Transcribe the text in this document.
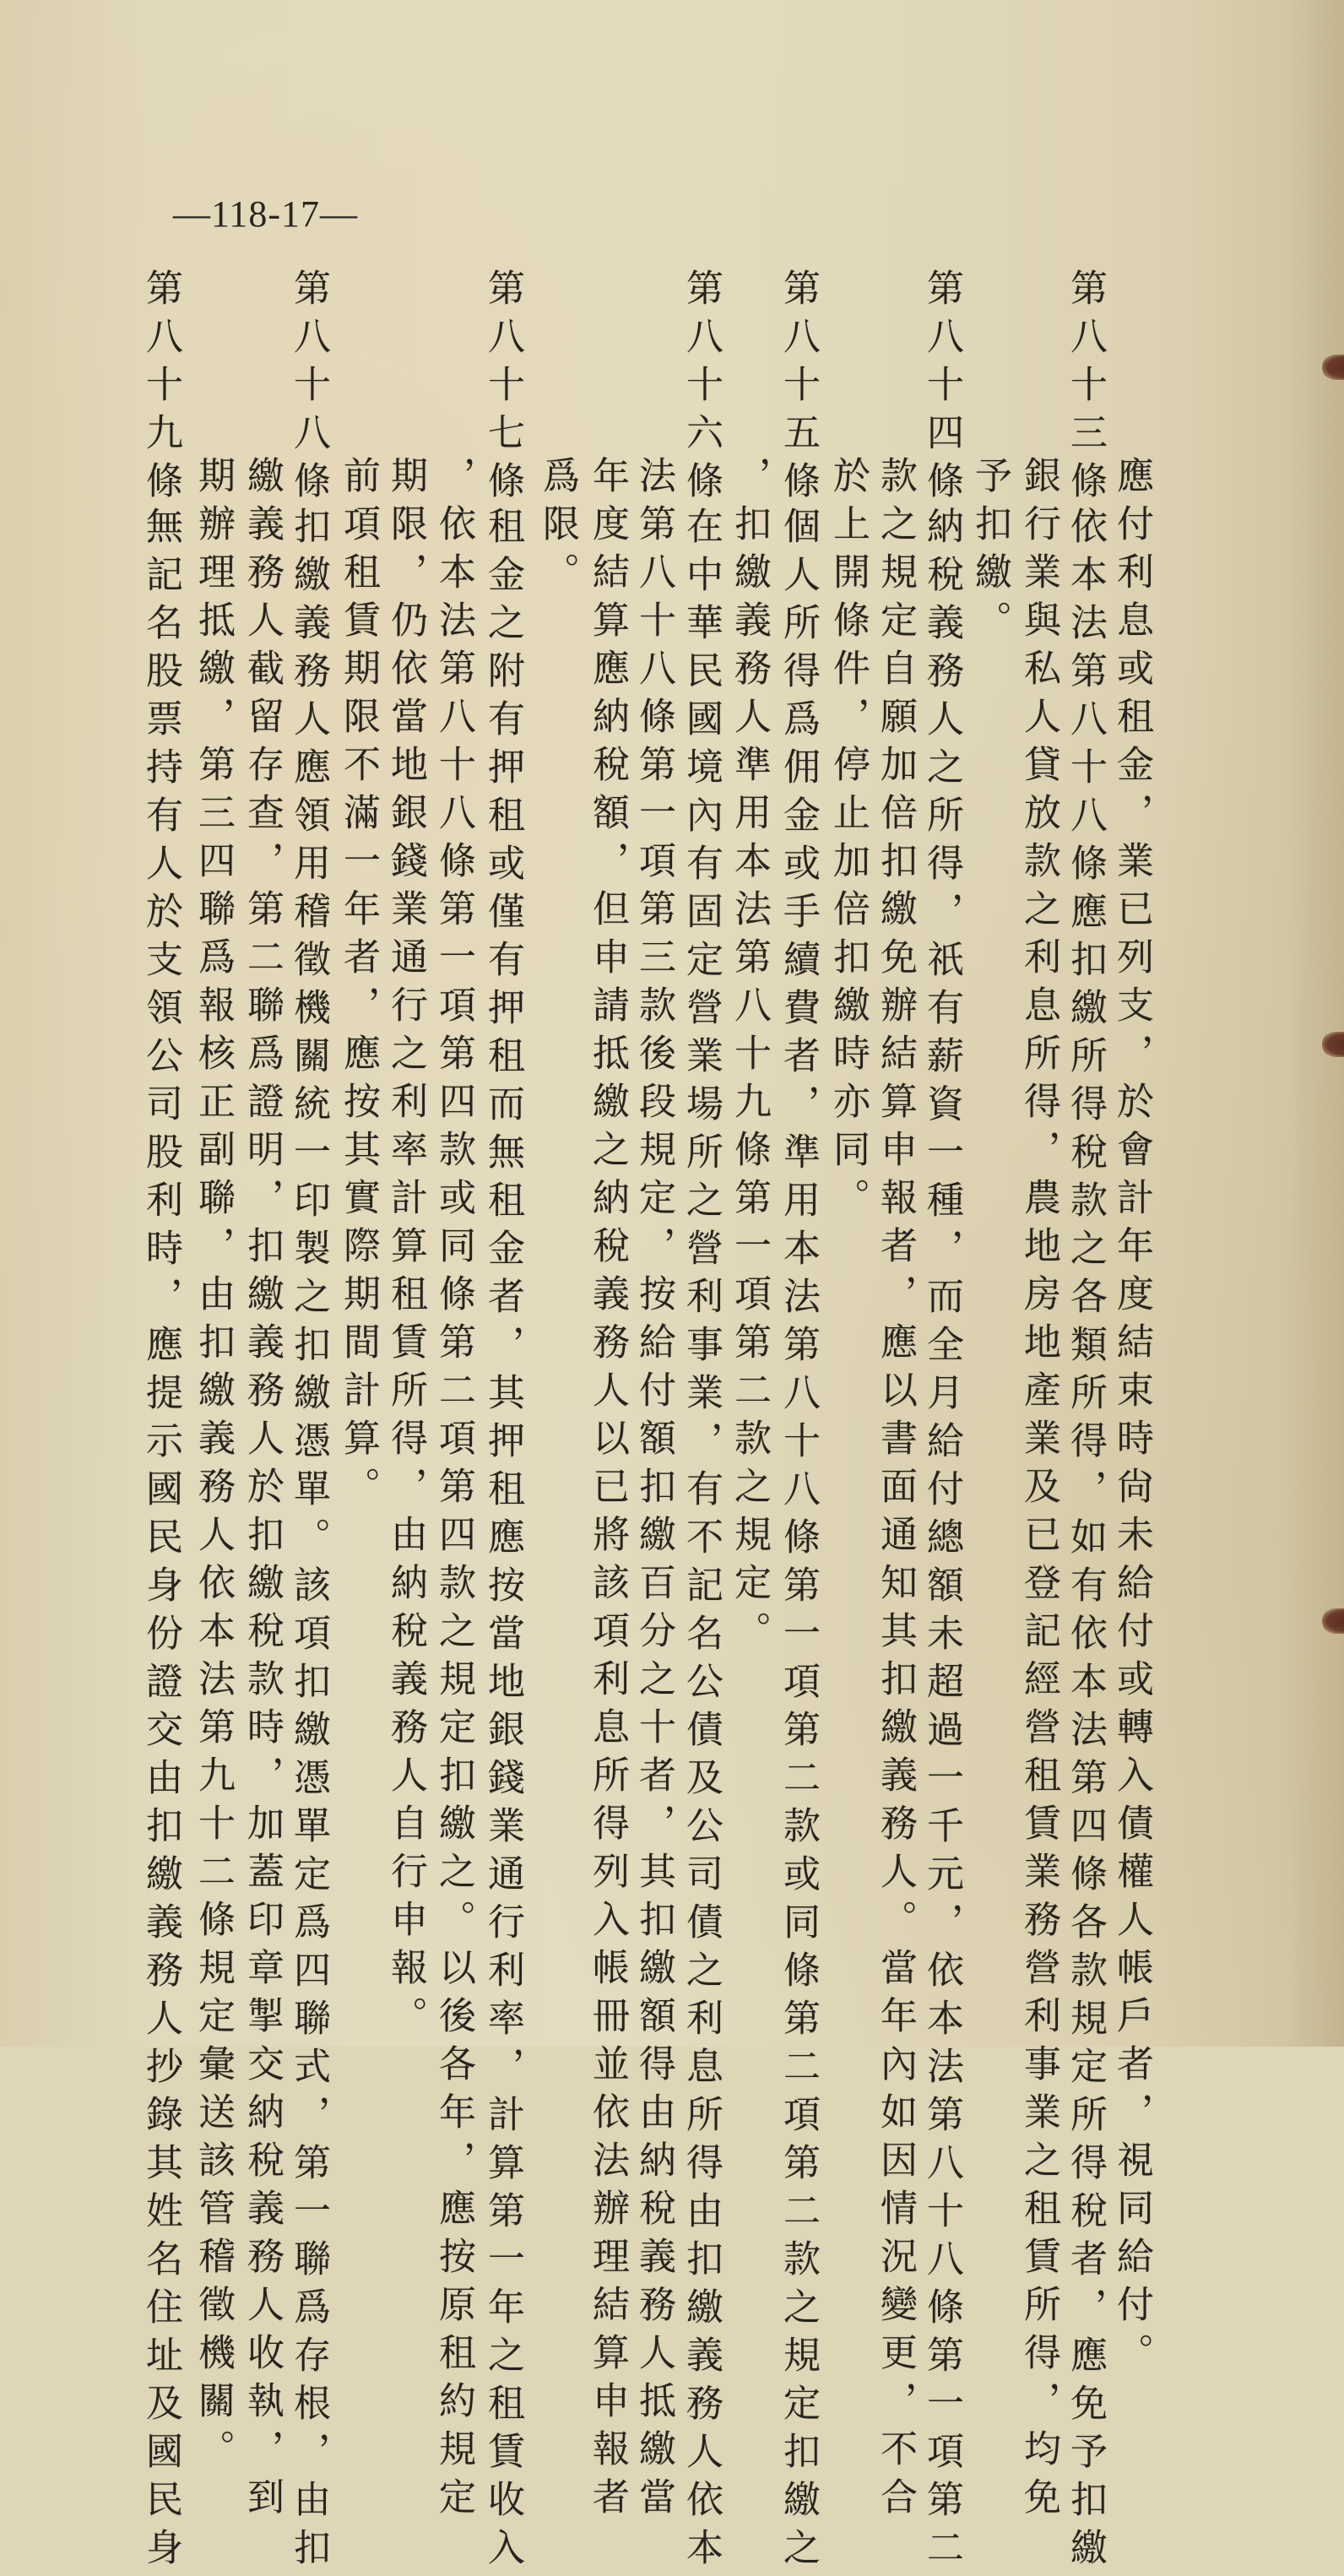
—118-17—
應付利息或租金，業已列支，於會計年度結束時尙未給付或轉入債權人帳戶者，視同給付。
第八十三條
依本法第八十八條應扣繳所得稅款之各類所得，如有依本法第四條各款規定所得稅者，應免予扣繳
銀行業與私人貸放款之利息所得，農地房地產業及已登記經營租賃業務營利事業之租賃所得，均免
予扣繳。
第八十四條
納稅義務人之所得，祇有薪資一種，而全月給付總額未超過一千元，依本法第八十八條第一項第二
款之規定自願加倍扣繳免辦結算申報者，應以書面通知其扣繳義務人。當年內如因情況變更，不合
於上開條件，停止加倍扣繳時亦同。
第八十五條
個人所得爲佣金或手續費者，準用本法第八十八條第一項第二款或同條第二項第二款之規定扣繳之
，扣繳義務人準用本法第八十九條第一項第二款之規定。
第八十六條
在中華民國境內有固定營業場所之營利事業，有不記名公債及公司債之利息所得由扣繳義務人依本
法第八十八條第一項第三款後段規定，按給付額扣繳百分之十者，其扣繳額得由納稅義務人抵繳當
年度結算應納稅額，但申請抵繳之納稅義務人以已將該項利息所得列入帳冊並依法辦理結算申報者
爲限。
第八十七條
租金之附有押租或僅有押租而無租金者，其押租應按當地銀錢業通行利率，計算第一年之租賃收入
，依本法第八十八條第一項第四款或同條第二項第四款之規定扣繳之。以後各年，應按原租約規定
期限，仍依當地銀錢業通行之利率計算租賃所得，由納稅義務人自行申報。
前項租賃期限不滿一年者，應按其實際期間計算。
第八十八條
扣繳義務人應領用稽徵機關統一印製之扣繳憑單。該項扣繳憑單定爲四聯式，第一聯爲存根，由扣
繳義務人截留存查，第二聯爲證明，扣繳義務人於扣繳稅款時，加蓋印章掣交納稅義務人收執，到
期辦理抵繳，第三四聯爲報核正副聯，由扣繳義務人依本法第九十二條規定彙送該管稽徵機關。
第八十九條
無記名股票持有人於支領公司股利時，應提示國民身份證交由扣繳義務人抄錄其姓名住址及國民身
